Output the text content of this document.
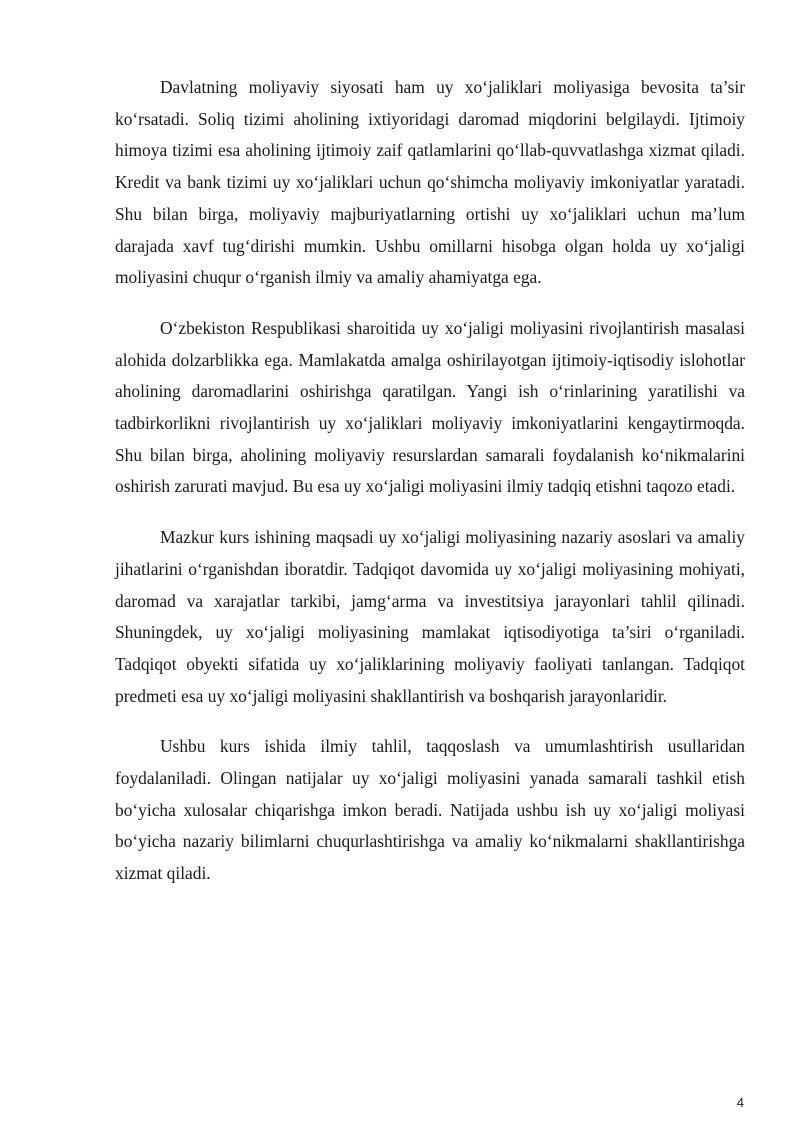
Davlatning moliyaviy siyosati ham uy xo‘jaliklari moliyasiga bevosita ta’sir ko‘rsatadi. Soliq tizimi aholining ixtiyoridagi daromad miqdorini belgilaydi. Ijtimoiy himoya tizimi esa aholining ijtimoiy zaif qatlamlarini qo‘llab-quvvatlashga xizmat qiladi. Kredit va bank tizimi uy xo‘jaliklari uchun qo‘shimcha moliyaviy imkoniyatlar yaratadi. Shu bilan birga, moliyaviy majburiyatlarning ortishi uy xo‘jaliklari uchun ma’lum darajada xavf tug‘dirishi mumkin. Ushbu omillarni hisobga olgan holda uy xo‘jaligi moliyasini chuqur o‘rganish ilmiy va amaliy ahamiyatga ega.

O‘zbekiston Respublikasi sharoitida uy xo‘jaligi moliyasini rivojlantirish masalasi alohida dolzarblikka ega. Mamlakatda amalga oshirilayotgan ijtimoiy-iqtisodiy islohotlar aholining daromadlarini oshirishga qaratilgan. Yangi ish o‘rinlarining yaratilishi va tadbirkorlikni rivojlantirish uy xo‘jaliklari moliyaviy imkoniyatlarini kengaytirmoqda. Shu bilan birga, aholining moliyaviy resurslardan samarali foydalanish ko‘nikmalarini oshirish zarurati mavjud. Bu esa uy xo‘jaligi moliyasini ilmiy tadqiq etishni taqozo etadi.

Mazkur kurs ishining maqsadi uy xo‘jaligi moliyasining nazariy asoslari va amaliy jihatlarini o‘rganishdan iboratdir. Tadqiqot davomida uy xo‘jaligi moliyasining mohiyati, daromad va xarajatlar tarkibi, jamg‘arma va investitsiya jarayonlari tahlil qilinadi. Shuningdek, uy xo‘jaligi moliyasining mamlakat iqtisodiyotiga ta’siri o‘rganiladi. Tadqiqot obyekti sifatida uy xo‘jaliklarining moliyaviy faoliyati tanlangan. Tadqiqot predmeti esa uy xo‘jaligi moliyasini shakllantirish va boshqarish jarayonlaridir.

Ushbu kurs ishida ilmiy tahlil, taqqoslash va umumlashtirish usullaridan foydalaniladi. Olingan natijalar uy xo‘jaligi moliyasini yanada samarali tashkil etish bo‘yicha xulosalar chiqarishga imkon beradi. Natijada ushbu ish uy xo‘jaligi moliyasi bo‘yicha nazariy bilimlarni chuqurlashtirishga va amaliy ko‘nikmalarni shakllantirishga xizmat qiladi.

4
